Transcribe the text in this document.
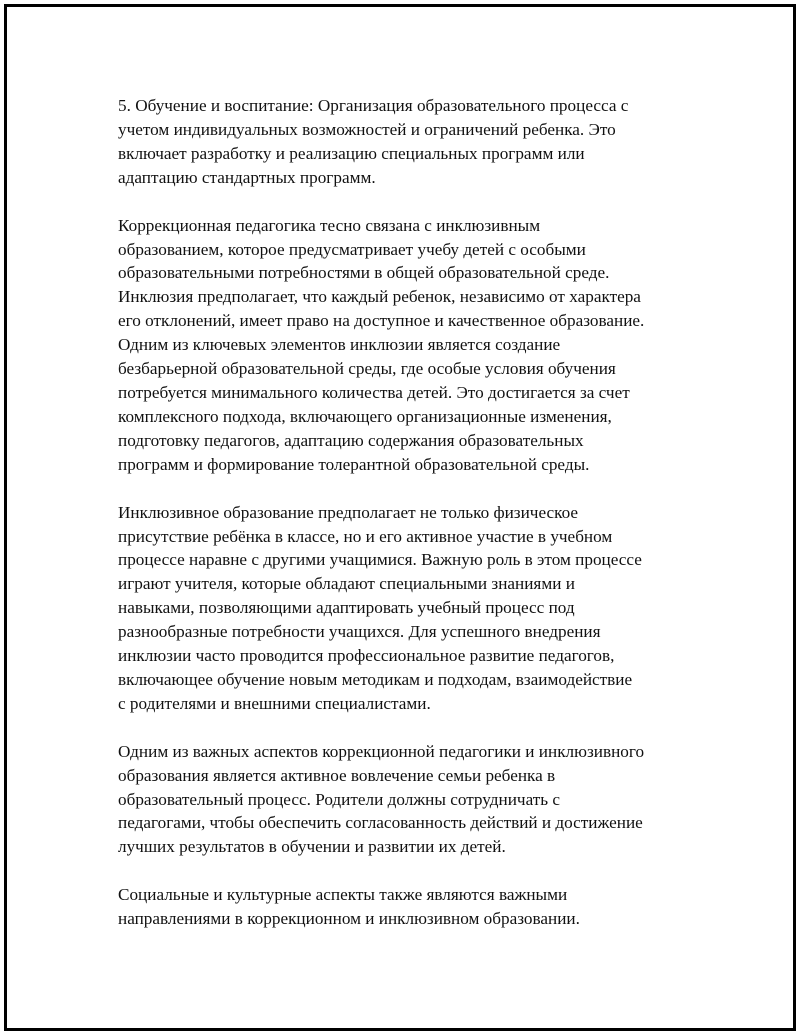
5. Обучение и воспитание: Организация образовательного процесса с
учетом индивидуальных возможностей и ограничений ребенка. Это
включает разработку и реализацию специальных программ или
адаптацию стандартных программ.
Коррекционная педагогика тесно связана с инклюзивным
образованием, которое предусматривает учебу детей с особыми
образовательными потребностями в общей образовательной среде.
Инклюзия предполагает, что каждый ребенок, независимо от характера
его отклонений, имеет право на доступное и качественное образование.
Одним из ключевых элементов инклюзии является создание
безбарьерной образовательной среды, где особые условия обучения
потребуется минимального количества детей. Это достигается за счет
комплексного подхода, включающего организационные изменения,
подготовку педагогов, адаптацию содержания образовательных
программ и формирование толерантной образовательной среды.
Инклюзивное образование предполагает не только физическое
присутствие ребёнка в классе, но и его активное участие в учебном
процессе наравне с другими учащимися. Важную роль в этом процессе
играют учителя, которые обладают специальными знаниями и
навыками, позволяющими адаптировать учебный процесс под
разнообразные потребности учащихся. Для успешного внедрения
инклюзии часто проводится профессиональное развитие педагогов,
включающее обучение новым методикам и подходам, взаимодействие
с родителями и внешними специалистами.
Одним из важных аспектов коррекционной педагогики и инклюзивного
образования является активное вовлечение семьи ребенка в
образовательный процесс. Родители должны сотрудничать с
педагогами, чтобы обеспечить согласованность действий и достижение
лучших результатов в обучении и развитии их детей.
Социальные и культурные аспекты также являются важными
направлениями в коррекционном и инклюзивном образовании.
